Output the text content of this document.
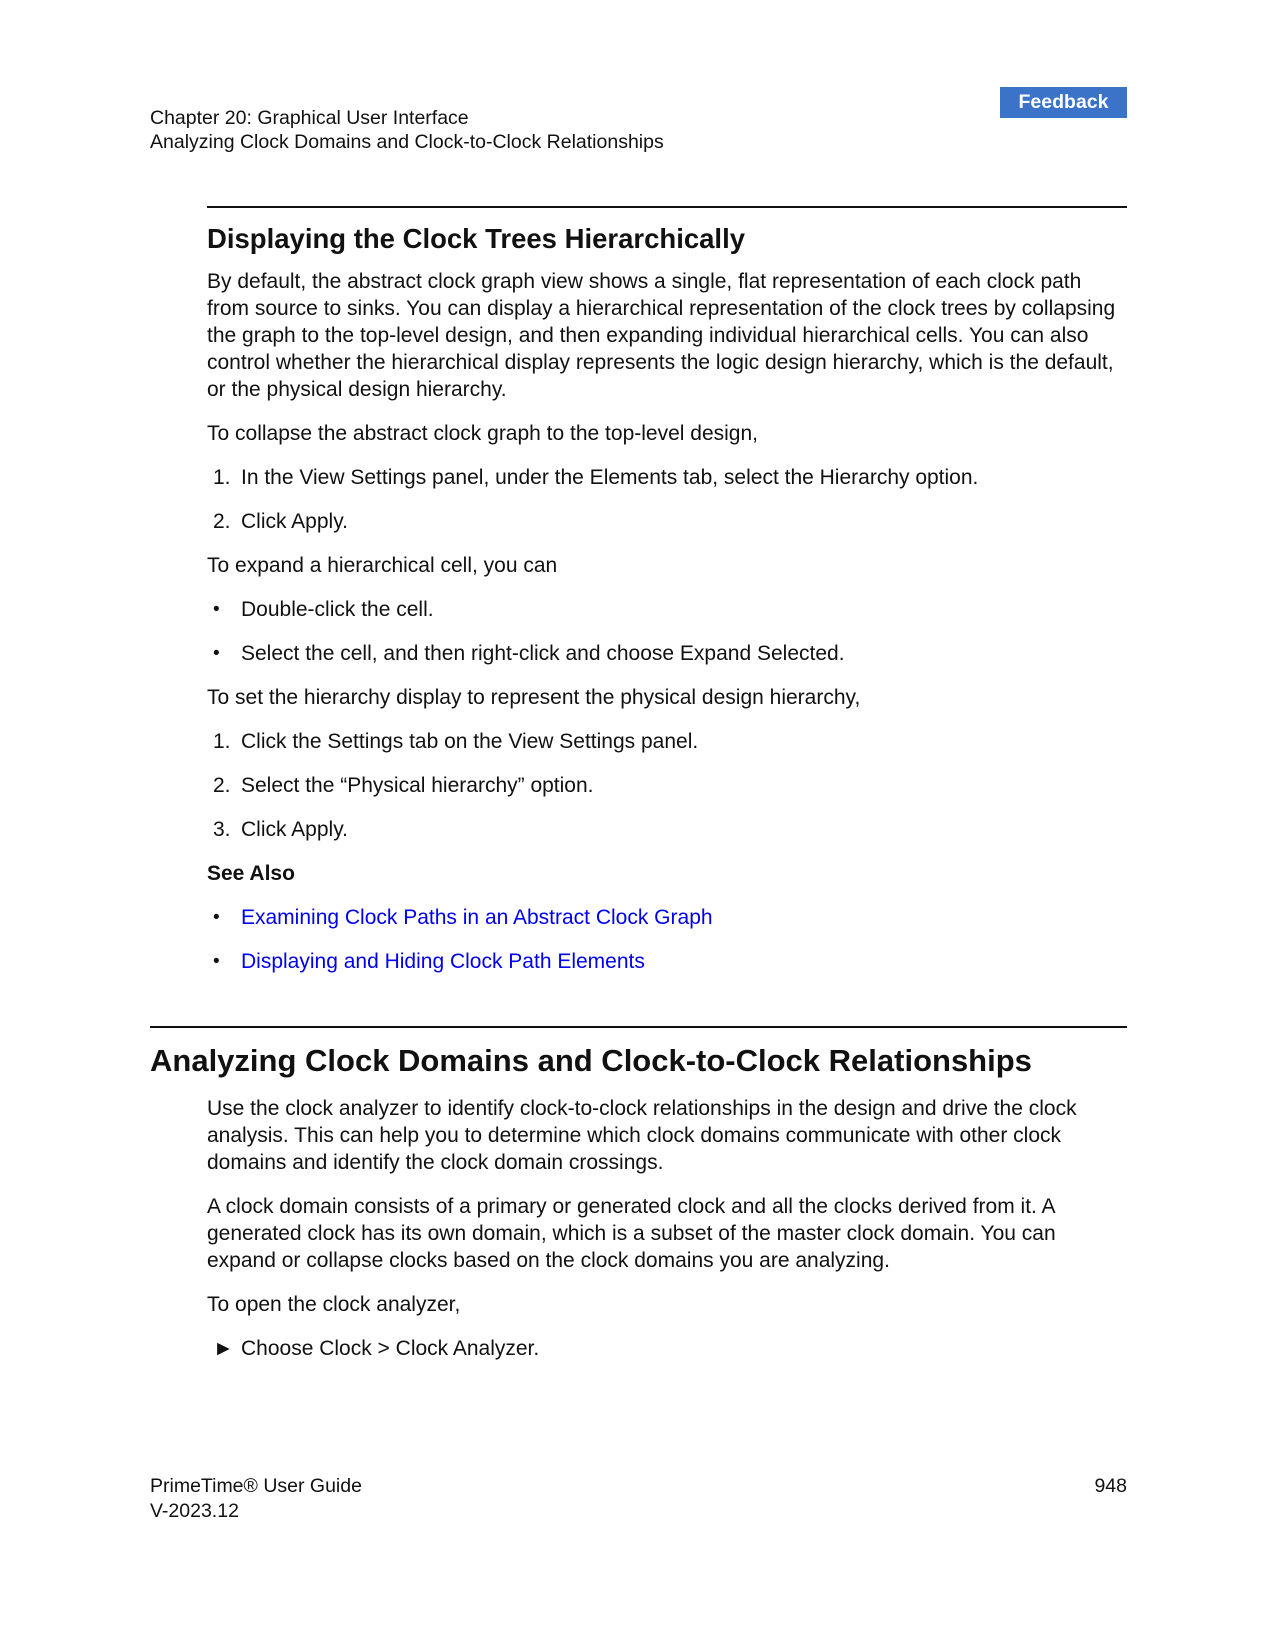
Chapter 20: Graphical User Interface
Analyzing Clock Domains and Clock-to-Clock Relationships
Feedback
Displaying the Clock Trees Hierarchically

By default, the abstract clock graph view shows a single, flat representation of each clock path from source to sinks. You can display a hierarchical representation of the clock trees by collapsing the graph to the top-level design, and then expanding individual hierarchical cells. You can also control whether the hierarchical display represents the logic design hierarchy, which is the default, or the physical design hierarchy.

To collapse the abstract clock graph to the top-level design,

1. In the View Settings panel, under the Elements tab, select the Hierarchy option.
2. Click Apply.

To expand a hierarchical cell, you can

• Double-click the cell.
• Select the cell, and then right-click and choose Expand Selected.

To set the hierarchy display to represent the physical design hierarchy,

1. Click the Settings tab on the View Settings panel.
2. Select the “Physical hierarchy” option.
3. Click Apply.
See Also
• Examining Clock Paths in an Abstract Clock Graph
• Displaying and Hiding Clock Path Elements
Analyzing Clock Domains and Clock-to-Clock Relationships

Use the clock analyzer to identify clock-to-clock relationships in the design and drive the clock analysis. This can help you to determine which clock domains communicate with other clock domains and identify the clock domain crossings.

A clock domain consists of a primary or generated clock and all the clocks derived from it. A generated clock has its own domain, which is a subset of the master clock domain. You can expand or collapse clocks based on the clock domains you are analyzing.

To open the clock analyzer,

► Choose Clock > Clock Analyzer.
PrimeTime® User Guide
V-2023.12
948
